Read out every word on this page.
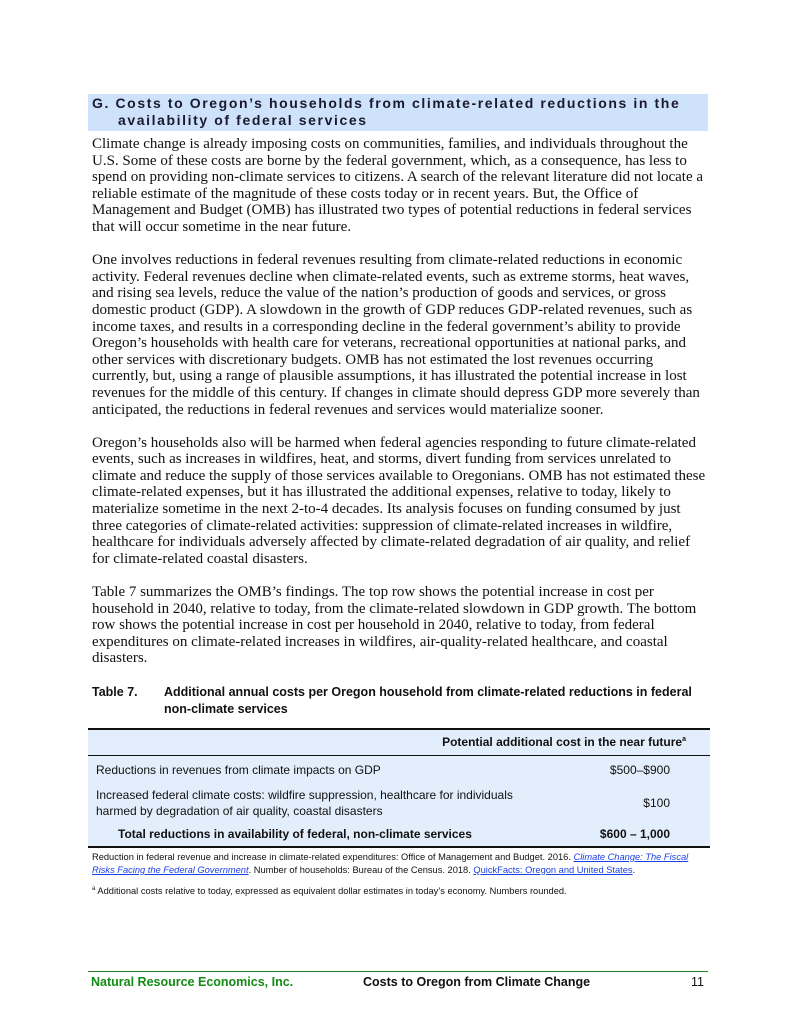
G. Costs to Oregon’s households from climate-related reductions in the
availability of federal services

Climate change is already imposing costs on communities, families, and individuals throughout the U.S. Some of these costs are borne by the federal government, which, as a consequence, has less to spend on providing non-climate services to citizens. A search of the relevant literature did not locate a reliable estimate of the magnitude of these costs today or in recent years. But, the Office of Management and Budget (OMB) has illustrated two types of potential reductions in federal services that will occur sometime in the near future.

One involves reductions in federal revenues resulting from climate-related reductions in economic activity. Federal revenues decline when climate-related events, such as extreme storms, heat waves, and rising sea levels, reduce the value of the nation’s production of goods and services, or gross domestic product (GDP). A slowdown in the growth of GDP reduces GDP-related revenues, such as income taxes, and results in a corresponding decline in the federal government’s ability to provide Oregon’s households with health care for veterans, recreational opportunities at national parks, and other services with discretionary budgets. OMB has not estimated the lost revenues occurring currently, but, using a range of plausible assumptions, it has illustrated the potential increase in lost revenues for the middle of this century. If changes in climate should depress GDP more severely than anticipated, the reductions in federal revenues and services would materialize sooner.

Oregon’s households also will be harmed when federal agencies responding to future climate-related events, such as increases in wildfires, heat, and storms, divert funding from services unrelated to climate and reduce the supply of those services available to Oregonians. OMB has not estimated these climate-related expenses, but it has illustrated the additional expenses, relative to today, likely to materialize sometime in the next 2-to-4 decades. Its analysis focuses on funding consumed by just three categories of climate-related activities: suppression of climate-related increases in wildfire, healthcare for individuals adversely affected by climate-related degradation of air quality, and relief for climate-related coastal disasters.

Table 7 summarizes the OMB’s findings. The top row shows the potential increase in cost per household in 2040, relative to today, from the climate-related slowdown in GDP growth. The bottom row shows the potential increase in cost per household in 2040, relative to today, from federal expenditures on climate-related increases in wildfires, air-quality-related healthcare, and coastal disasters.

Table 7.	Additional annual costs per Oregon household from climate-related reductions in federal non-climate services
Potential additional cost in the near future$^a$
Reductions in revenues from climate impacts on GDP	$500–$900
Increased federal climate costs: wildfire suppression, healthcare for individuals harmed by degradation of air quality, coastal disasters	$100
Total reductions in availability of federal, non-climate services	$600 – 1,000
Reduction in federal revenue and increase in climate-related expenditures: Office of Management and Budget. 2016. Climate Change: The Fiscal Risks Facing the Federal Government. Number of households: Bureau of the Census. 2018. QuickFacts: Oregon and United States.
$^a$ Additional costs relative to today, expressed as equivalent dollar estimates in today’s economy. Numbers rounded.
Natural Resource Economics, Inc.	Costs to Oregon from Climate Change	11
